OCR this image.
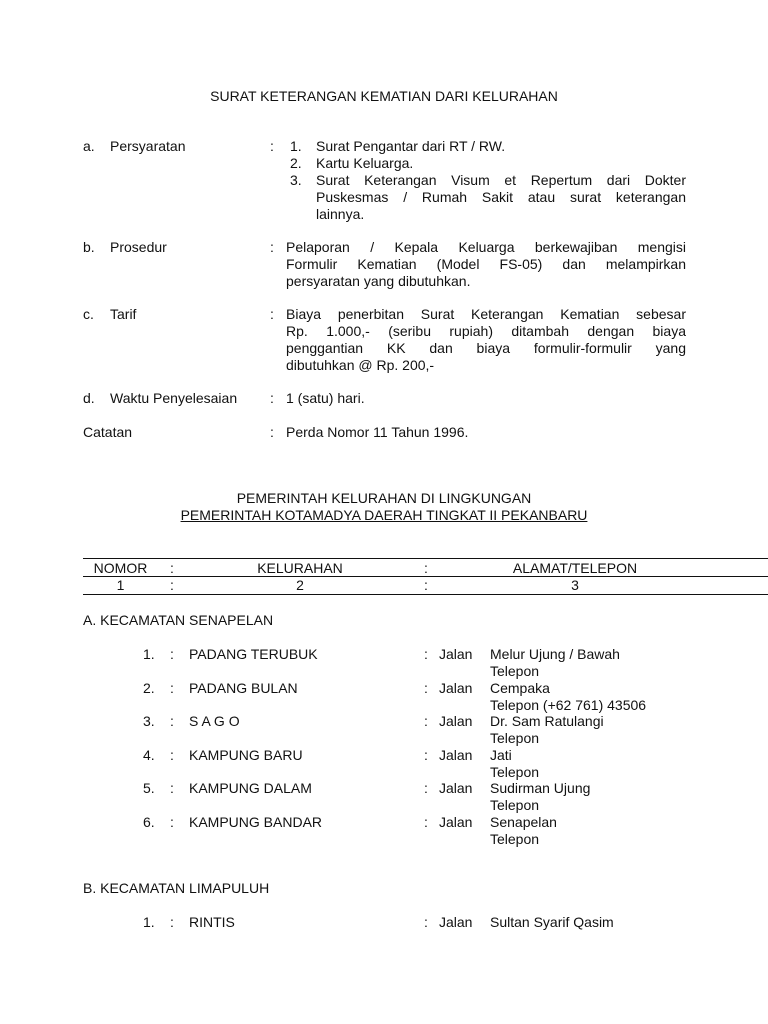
SURAT KETERANGAN KEMATIAN DARI KELURAHAN
a. Persyaratan	: 1. Surat Pengantar dari RT / RW.
2. Kartu Keluarga.
3. Surat Keterangan Visum et Repertum dari Dokter
Puskesmas / Rumah Sakit atau surat keterangan
lainnya.
b. Prosedur	: Pelaporan / Kepala Keluarga berkewajiban mengisi
Formulir Kematian (Model FS-05) dan melampirkan
persyaratan yang dibutuhkan.
c. Tarif	: Biaya penerbitan Surat Keterangan Kematian sebesar
Rp. 1.000,- (seribu rupiah) ditambah dengan biaya
penggantian KK dan biaya formulir-formulir yang
dibutuhkan @ Rp. 200,-
d. Waktu Penyelesaian : 1 (satu) hari.
Catatan	: Perda Nomor 11 Tahun 1996.
PEMERINTAH KELURAHAN DI LINGKUNGAN
PEMERINTAH KOTAMADYA DAERAH TINGKAT II PEKANBARU
NOMOR	:	KELURAHAN	:	ALAMAT/TELEPON
1	:	2	:	3
A. KECAMATAN SENAPELAN
B. KECAMATAN LIMAPULUH
1. : PADANG TERUBUK	: Jalan Melur Ujung / Bawah
Telepon
2. : PADANG BULAN	: Jalan Cempaka
Telepon (+62 761) 43506
3. : S A G O	: Jalan Dr. Sam Ratulangi
Telepon
4. : KAMPUNG BARU	: Jalan Jati
Telepon
5. : KAMPUNG DALAM	: Jalan Sudirman Ujung
Telepon
6. : KAMPUNG BANDAR	: Jalan Senapelan
Telepon
1. : RINTIS	: Jalan Sultan Syarif Qasim
